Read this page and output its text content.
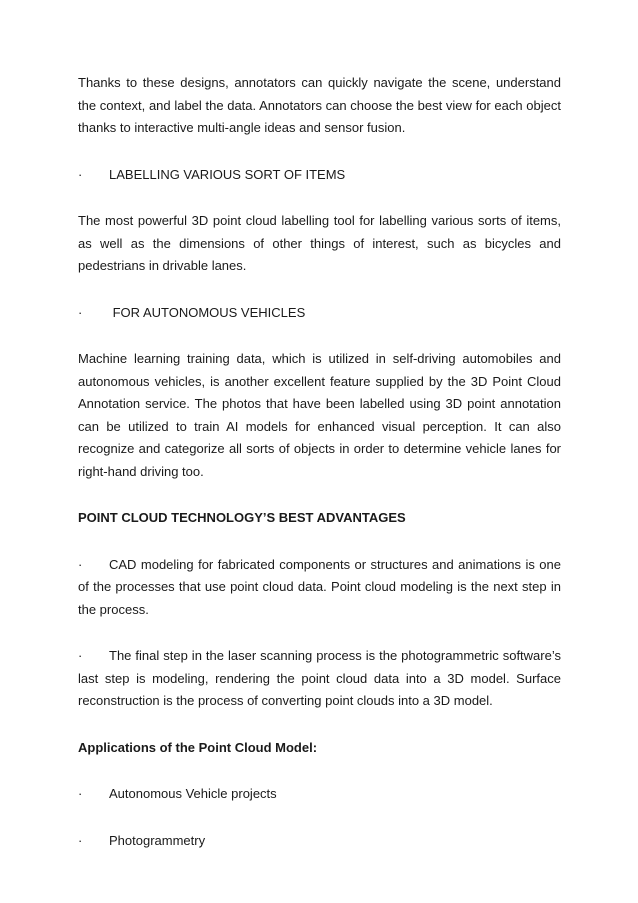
Thanks to these designs, annotators can quickly navigate the scene, understand the context, and label the data. Annotators can choose the best view for each object thanks to interactive multi-angle ideas and sensor fusion.

·	LABELLING VARIOUS SORT OF ITEMS

The most powerful 3D point cloud labelling tool for labelling various sorts of items, as well as the dimensions of other things of interest, such as bicycles and pedestrians in drivable lanes.

·	FOR AUTONOMOUS VEHICLES

Machine learning training data, which is utilized in self-driving automobiles and autonomous vehicles, is another excellent feature supplied by the 3D Point Cloud Annotation service. The photos that have been labelled using 3D point annotation can be utilized to train AI models for enhanced visual perception. It can also recognize and categorize all sorts of objects in order to determine vehicle lanes for right-hand driving too.

POINT CLOUD TECHNOLOGY’S BEST ADVANTAGES

· CAD modeling for fabricated components or structures and animations is one of the processes that use point cloud data. Point cloud modeling is the next step in the process.

· The final step in the laser scanning process is the photogrammetric software’s last step is modeling, rendering the point cloud data into a 3D model. Surface reconstruction is the process of converting point clouds into a 3D model.

Applications of the Point Cloud Model:

·	Autonomous Vehicle projects
·	Photogrammetry
